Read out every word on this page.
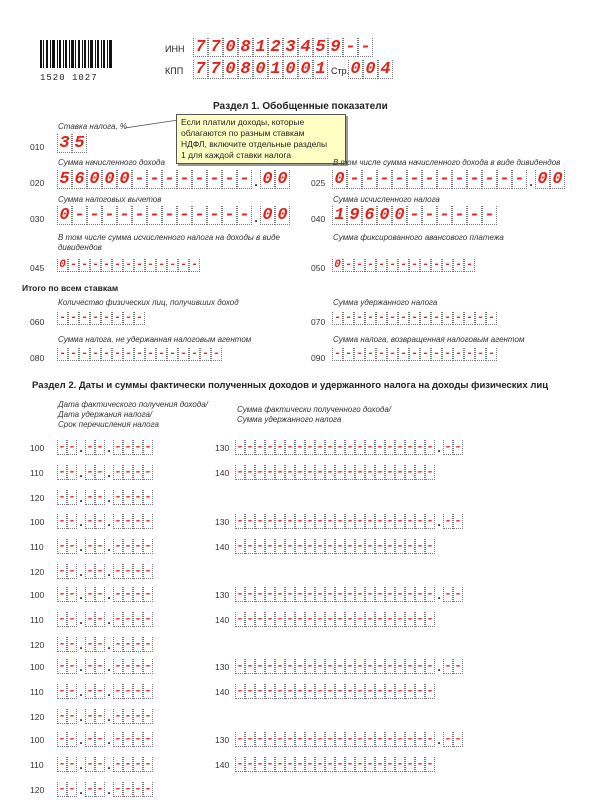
1520 1027
ИНН 7 7 0 8 1 2 3 4 5 9 - -
КПП 7 7 0 8 0 1 0 0 1 Стр. 0 0 4
Раздел 1. Обобщенные показатели
Ставка налога, %
010 3 5
Если платили доходы, которые
облагаются по разным ставкам
НДФЛ, включите отдельные разделы
1 для каждой ставки налога
Сумма начисленного дохода	В том числе сумма начисленного дохода в виде дивидендов
020 5 6 0 0 0 - - - - - - - - . 0 0	025 0 - - - - - - - - - - - - . 0 0
Сумма налоговых вычетов	Сумма исчисленного налога
030 0 - - - - - - - - - - - - . 0 0	040 1 9 6 0 0 - - - - - -
В том числе сумма исчисленного налога на доходы в виде
дивидендов
Сумма фиксированного авансового платежа
045 0 - - - - - - - - - - - -	050 0 - - - - - - - - - - - -
Итого по всем ставкам
Количество физических лиц, получивших доход	Сумма удержанного налога
060 - - - - - - - -	070 - - - - - - - - - - - - - - -
Сумма налога, не удержанная налоговым агентом	Сумма налога, возвращенная налоговым агентом
080 - - - - - - - - - - - - - - -	090 - - - - - - - - - - - - - - -
Раздел 2. Даты и суммы фактически полученных доходов и удержанного налога на доходы физических лиц
Дата фактического получения дохода/
Дата удержания налога/
Срок перечисления налога
Сумма фактически полученного дохода/
Сумма удержанного налога
100 - - . - - . - - - -
110 - - . - - . - - - -
120 - - . - - . - - - -
130 - - - - - - - - - - - - - - - - - - - - . - -
140 - - - - - - - - - - - - - - - - - - - -
100 - - . - - . - - - -
110 - - . - - . - - - -
120 - - . - - . - - - -
130 - - - - - - - - - - - - - - - - - - - - . - -
140 - - - - - - - - - - - - - - - - - - - -
100 - - . - - . - - - -
110 - - . - - . - - - -
120 - - . - - . - - - -
130 - - - - - - - - - - - - - - - - - - - - . - -
140 - - - - - - - - - - - - - - - - - - - -
100 - - . - - . - - - -
110 - - . - - . - - - -
120 - - . - - . - - - -
130 - - - - - - - - - - - - - - - - - - - - . - -
140 - - - - - - - - - - - - - - - - - - - -
100 - - . - - . - - - -
110 - - . - - . - - - -
120 - - . - - . - - - -
130 - - - - - - - - - - - - - - - - - - - - . - -
140 - - - - - - - - - - - - - - - - - - - -
